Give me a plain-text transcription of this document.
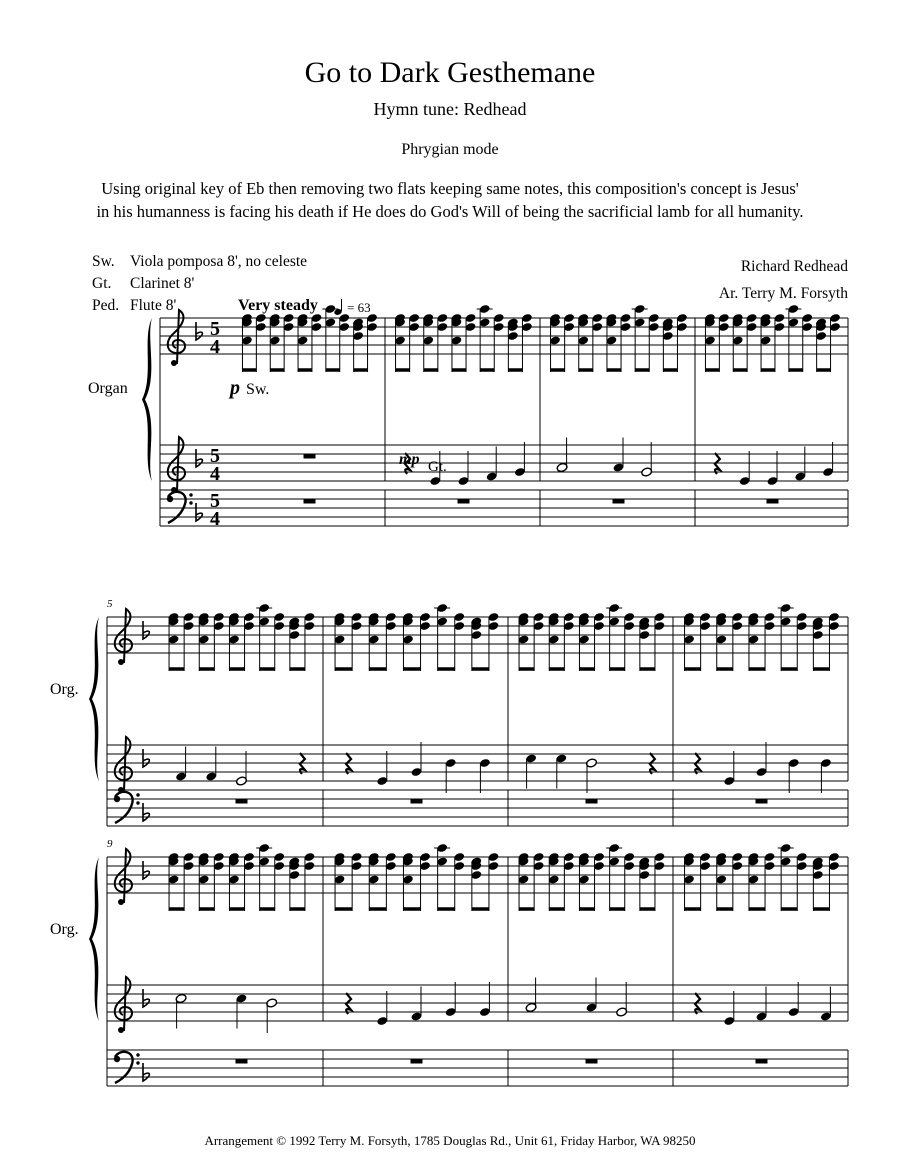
Go to Dark Gesthemane
Hymn tune: Redhead
Phrygian mode
Using original key of Eb then removing two flats keeping same notes, this composition's concept is Jesus'
in his humanness is facing his death if He does do God's Will of being the sacrificial lamb for all humanity.
Sw. Viola pomposa 8', no celeste
Gt. Clarinet 8'
Ped. Flute 8'
Richard Redhead
Ar. Terry M. Forsyth
Very steady = 63
Organ
Org.
Org.
5
9
p Sw.
mp Gt.
Arrangement © 1992 Terry M. Forsyth, 1785 Douglas Rd., Unit 61, Friday Harbor, WA 98250
5 4
5 4
5 4
